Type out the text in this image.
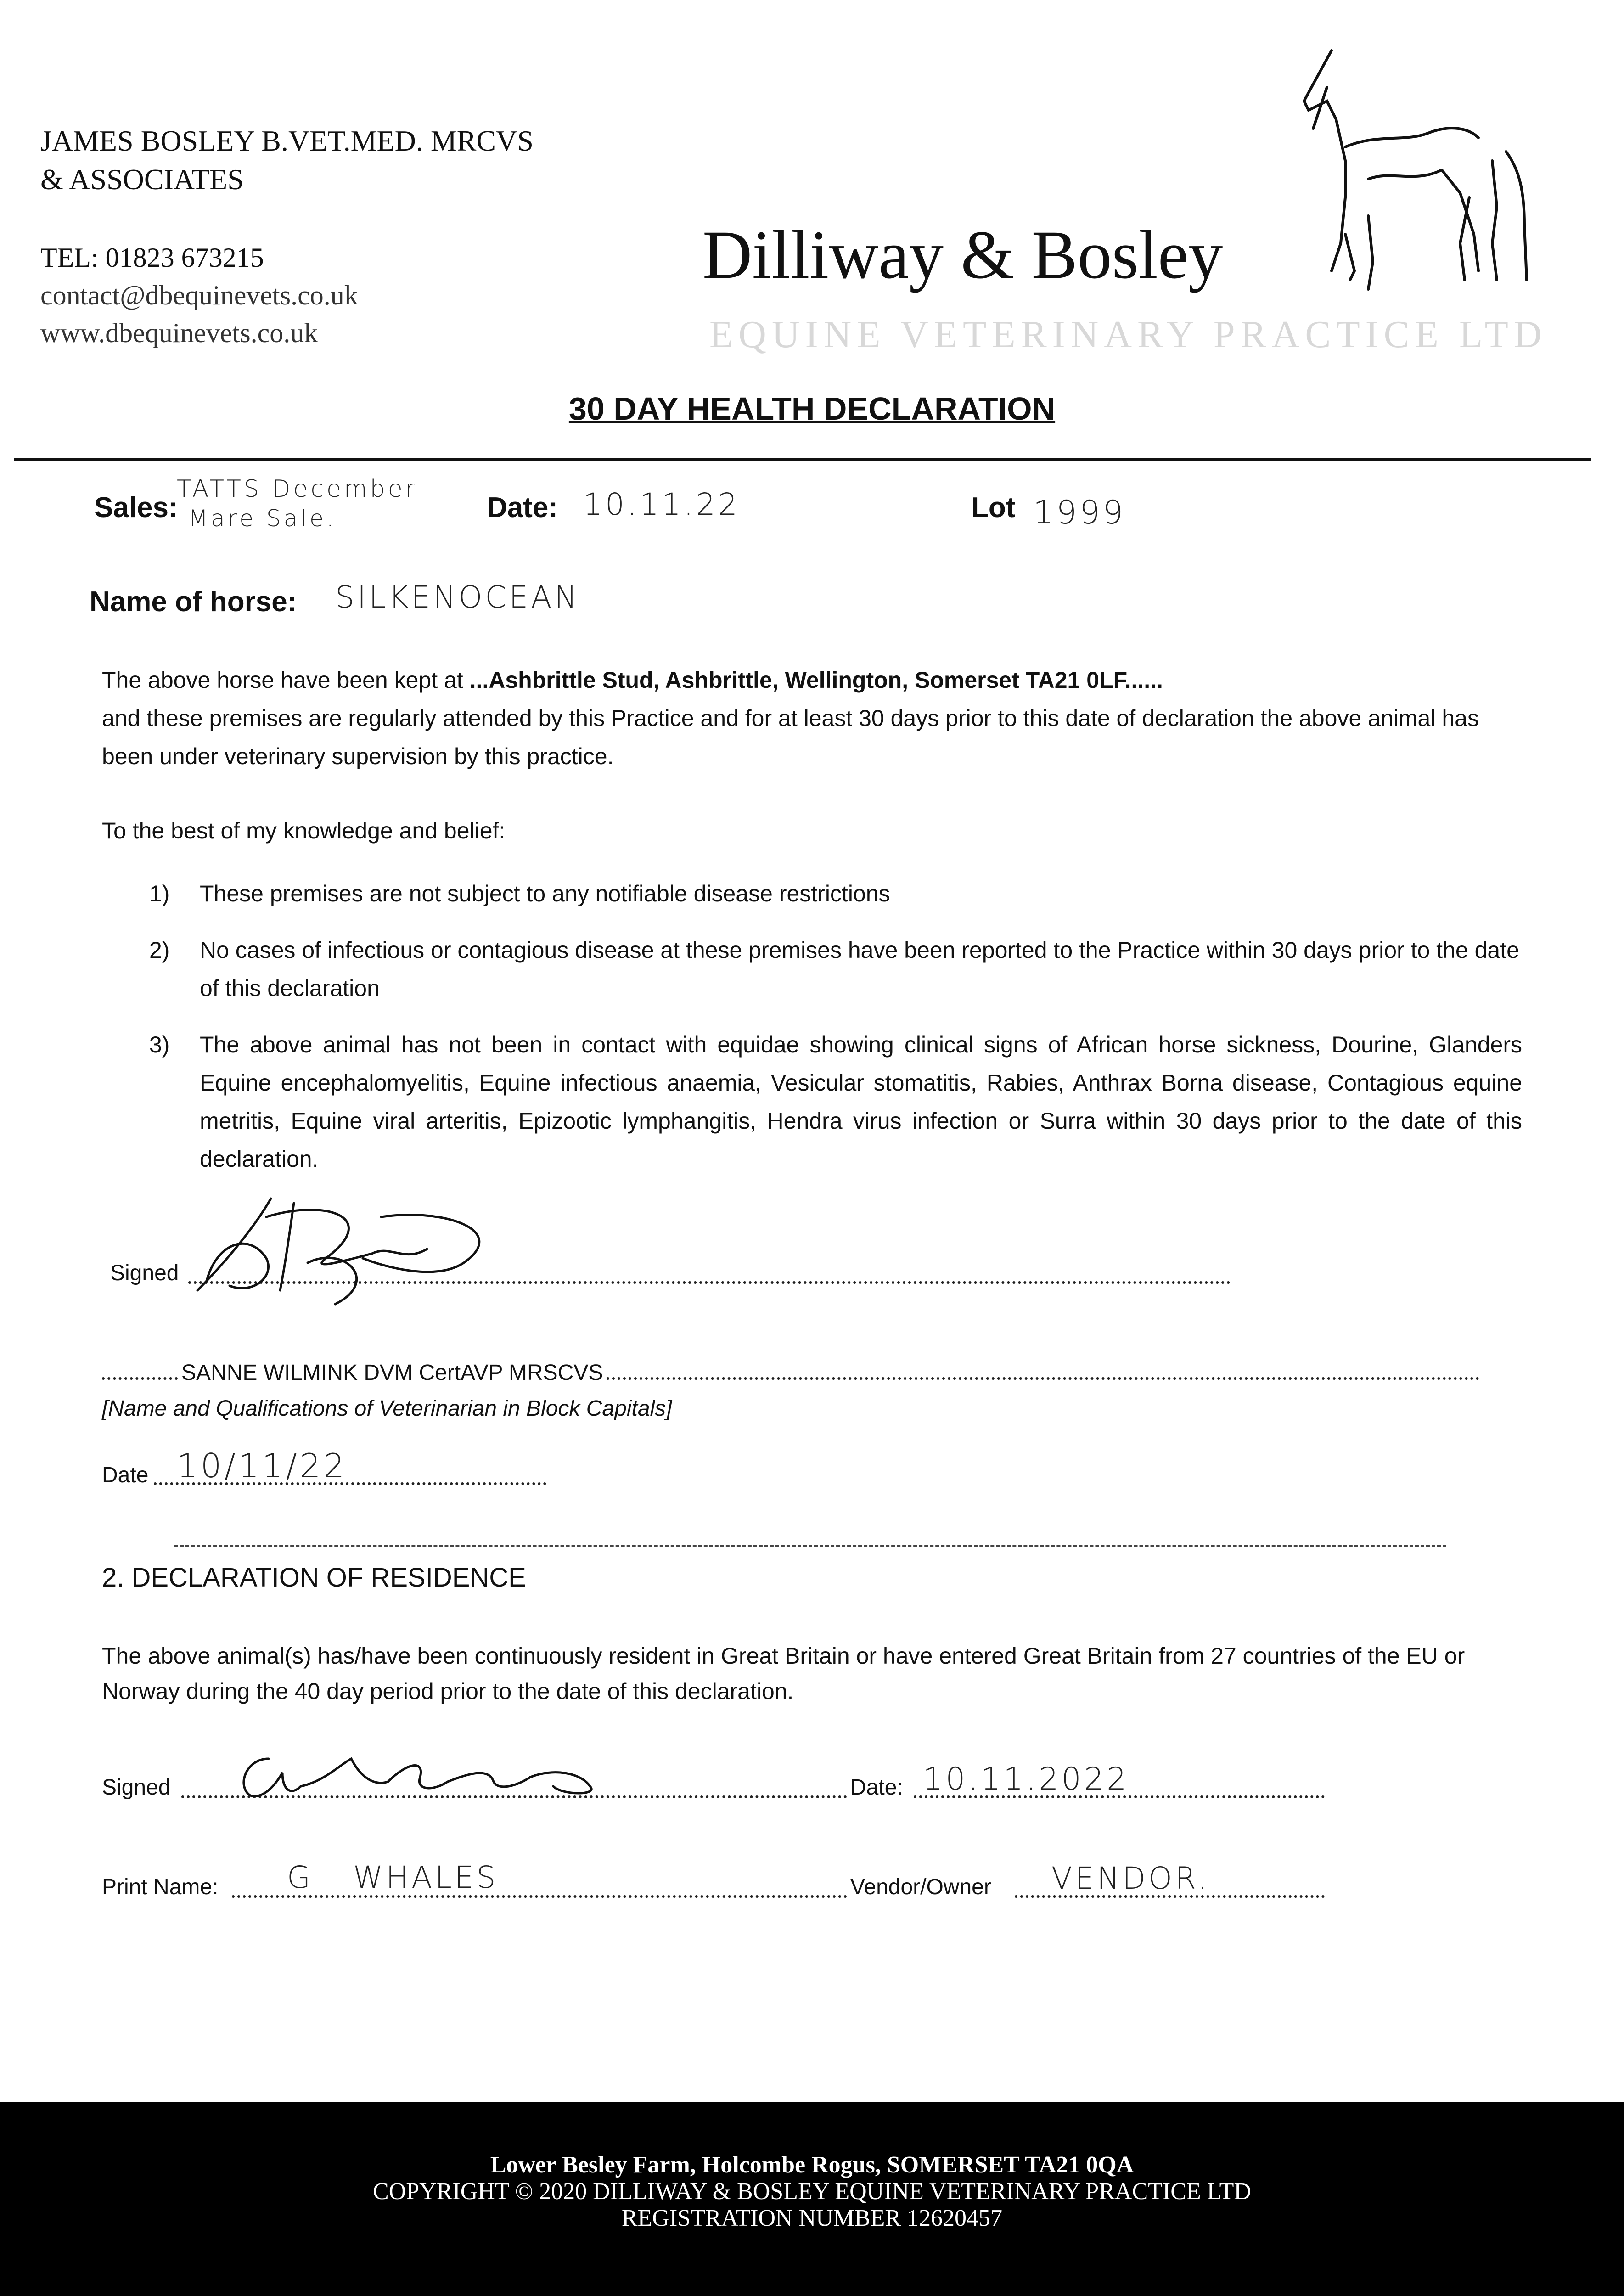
JAMES BOSLEY B.VET.MED. MRCVS
& ASSOCIATES
TEL: 01823 673215
contact@dbequinevets.co.uk
www.dbequinevets.co.uk
Dilliway & Bosley
EQUINE VETERINARY PRACTICE LTD
30 DAY HEALTH DECLARATION
Sales:
TATTS December
Mare Sale.	Date: 10.11.22	Lot 1999
Name of horse: SILKENOCEAN
The above horse have been kept at ...Ashbrittle Stud, Ashbrittle, Wellington, Somerset TA21 0LF......
and these premises are regularly attended by this Practice and for at least 30 days prior to this date of declaration the above animal has been under veterinary supervision by this practice.
To the best of my knowledge and belief:
1)	These premises are not subject to any notifiable disease restrictions
2)	No cases of infectious or contagious disease at these premises have been reported to the Practice within 30 days prior to the date of this declaration
3)	The above animal has not been in contact with equidae showing clinical signs of African horse sickness, Dourine, Glanders Equine encephalomyelitis, Equine infectious anaemia, Vesicular stomatitis, Rabies, Anthrax Borna disease, Contagious equine metritis, Equine viral arteritis, Epizootic lymphangitis, Hendra virus infection or Surra within 30 days prior to the date of this declaration.
Signed
SANNE WILMINK DVM CertAVP MRSCVS
[Name and Qualifications of Veterinarian in Block Capitals]
Date 10/11/22
2. DECLARATION OF RESIDENCE
The above animal(s) has/have been continuously resident in Great Britain or have entered Great Britain from 27 countries of the EU or Norway during the 40 day period prior to the date of this declaration.
Signed	Date: 10.11.2022
Print Name: G WHALES	Vendor/Owner VENDOR.
Lower Besley Farm, Holcombe Rogus, SOMERSET TA21 0QA
COPYRIGHT © 2020 DILLIWAY & BOSLEY EQUINE VETERINARY PRACTICE LTD
REGISTRATION NUMBER 12620457
